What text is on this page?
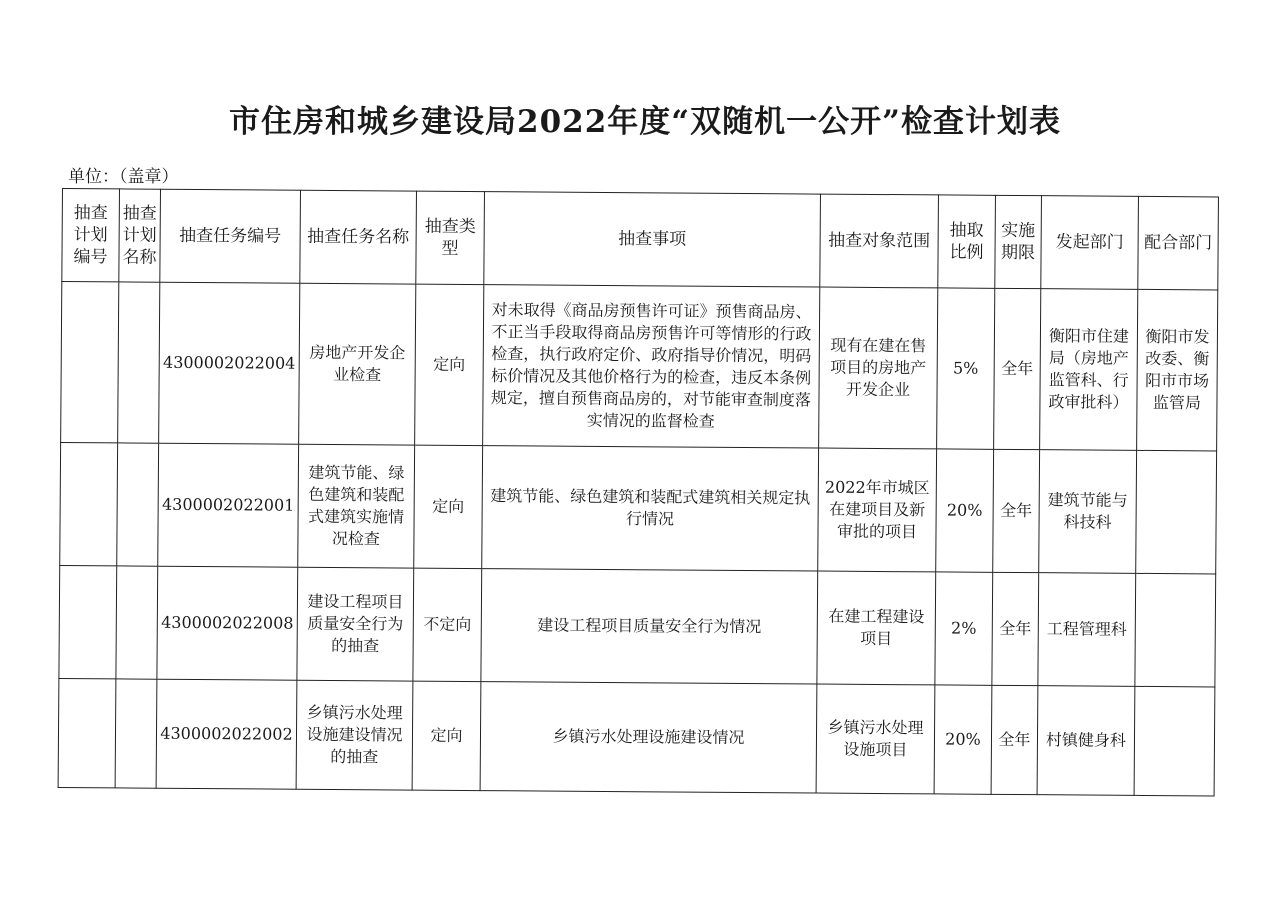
市住房和城乡建设局2022年度“双随机一公开”检查计划表
单位：（盖章）
抽查计划编号	抽查计划名称	抽查任务编号	抽查任务名称	抽查类型	抽查事项	抽查对象范围	抽取比例	实施期限	发起部门	配合部门
		4300002022004	房地产开发企业检查	定向	对未取得《商品房预售许可证》预售商品房、不正当手段取得商品房预售许可等情形的行政检查，执行政府定价、政府指导价情况，明码标价情况及其他价格行为的检查，违反本条例规定，擅自预售商品房的，对节能审查制度落实情况的监督检查	现有在建在售项目的房地产开发企业	5%	全年	衡阳市住建局（房地产监管科、行政审批科）	衡阳市发改委、衡阳市市场监管局
		4300002022001	建筑节能、绿色建筑和装配式建筑实施情况检查	定向	建筑节能、绿色建筑和装配式建筑相关规定执行情况	2022年市城区在建项目及新审批的项目	20%	全年	建筑节能与科技科	
		4300002022008	建设工程项目质量安全行为的抽查	不定向	建设工程项目质量安全行为情况	在建工程建设项目	2%	全年	工程管理科	
		4300002022002	乡镇污水处理设施建设情况的抽查	定向	乡镇污水处理设施建设情况	乡镇污水处理设施项目	20%	全年	村镇健身科	
